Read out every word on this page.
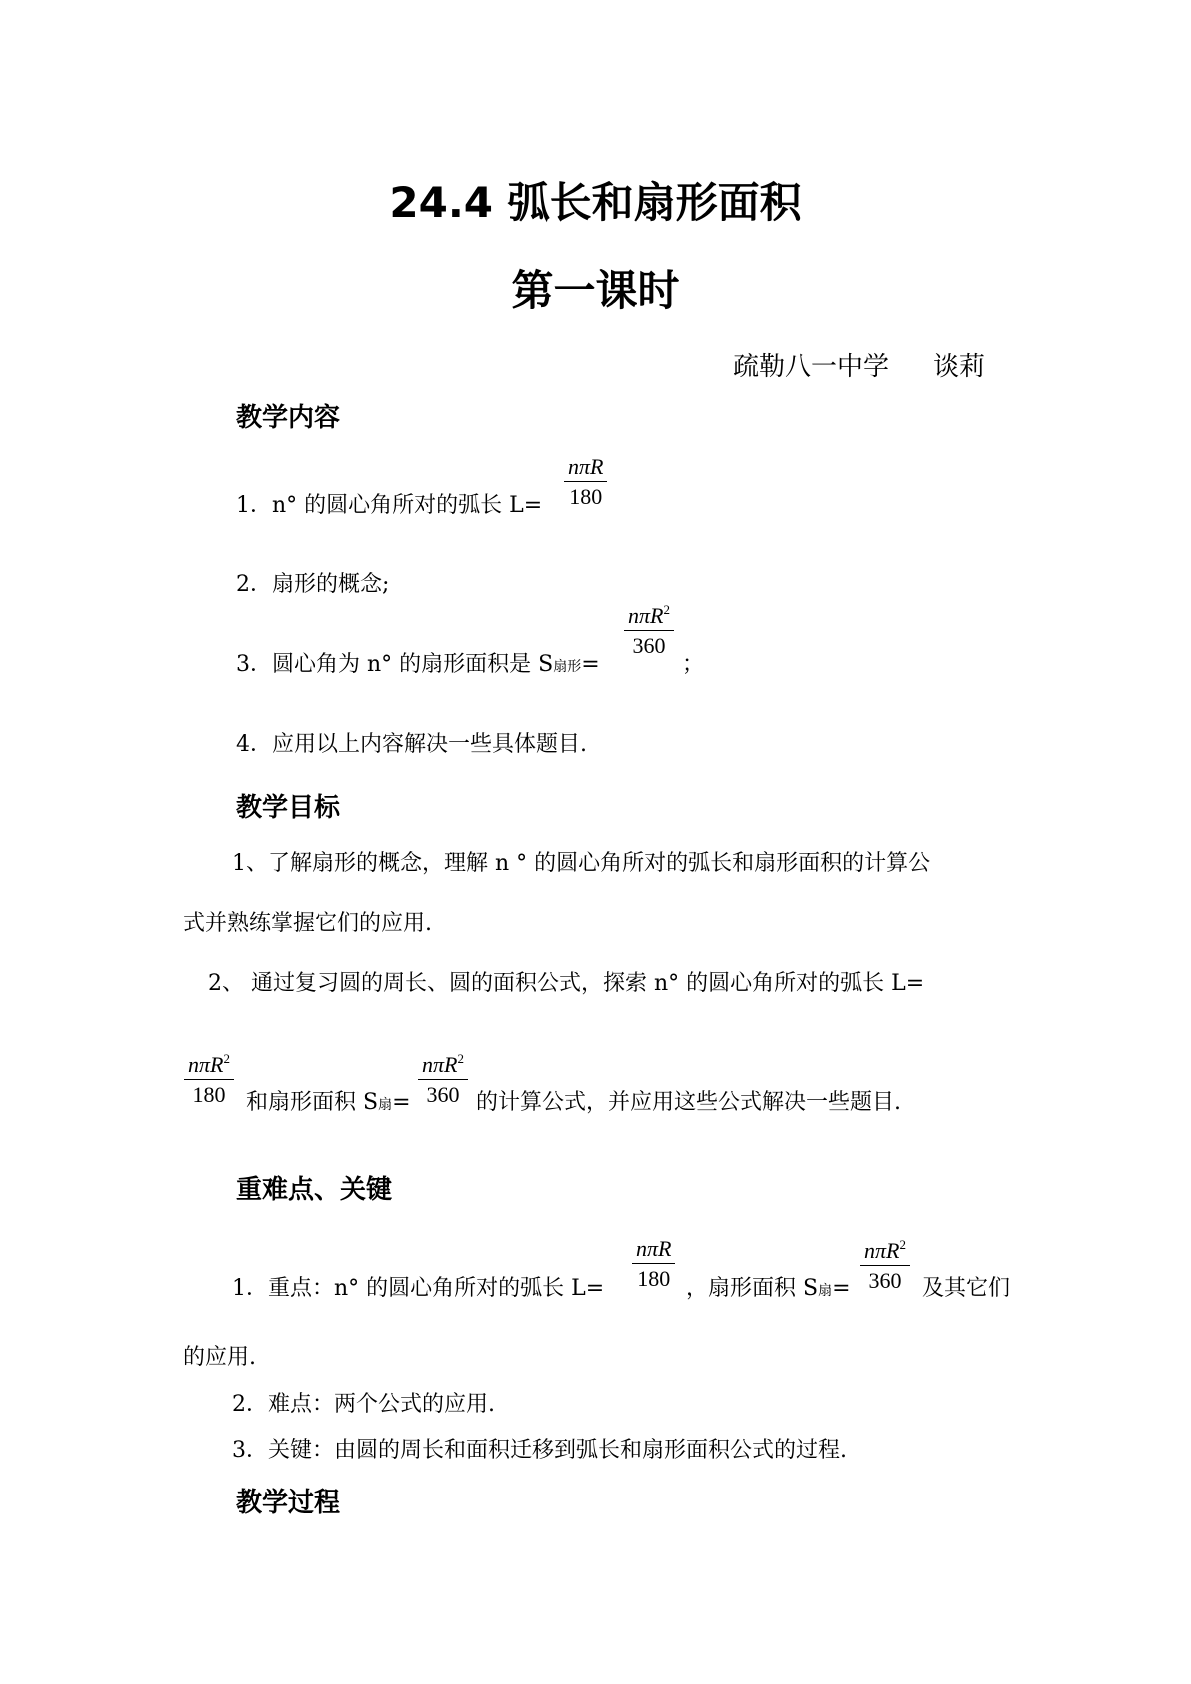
24.4 弧长和扇形面积
第一课时
疏勒八一中学 谈莉
教学内容
1．n° 的圆心角所对的弧长 L=
nπR
180
2．扇形的概念;
3．圆心角为 n° 的扇形面积是 S扇形=
nπR$^2$
360
；
4．应用以上内容解决一些具体题目.
教学目标
1、了解扇形的概念，理解 n ° 的圆心角所对的弧长和扇形面积的计算公
式并熟练掌握它们的应用.
2、 通过复习圆的周长、圆的面积公式，探索 n° 的圆心角所对的弧长 L=
nπR$^2$
180 和扇形面积 S扇=
nπR$^2$
360 的计算公式，并应用这些公式解决一些题目.
重难点、关键
1．重点：n° 的圆心角所对的弧长 L=
nπR
180 ，扇形面积 S扇=
nπR$^2$
360 及其它们
的应用.
2．难点：两个公式的应用.
3．关键：由圆的周长和面积迁移到弧长和扇形面积公式的过程.
教学过程
